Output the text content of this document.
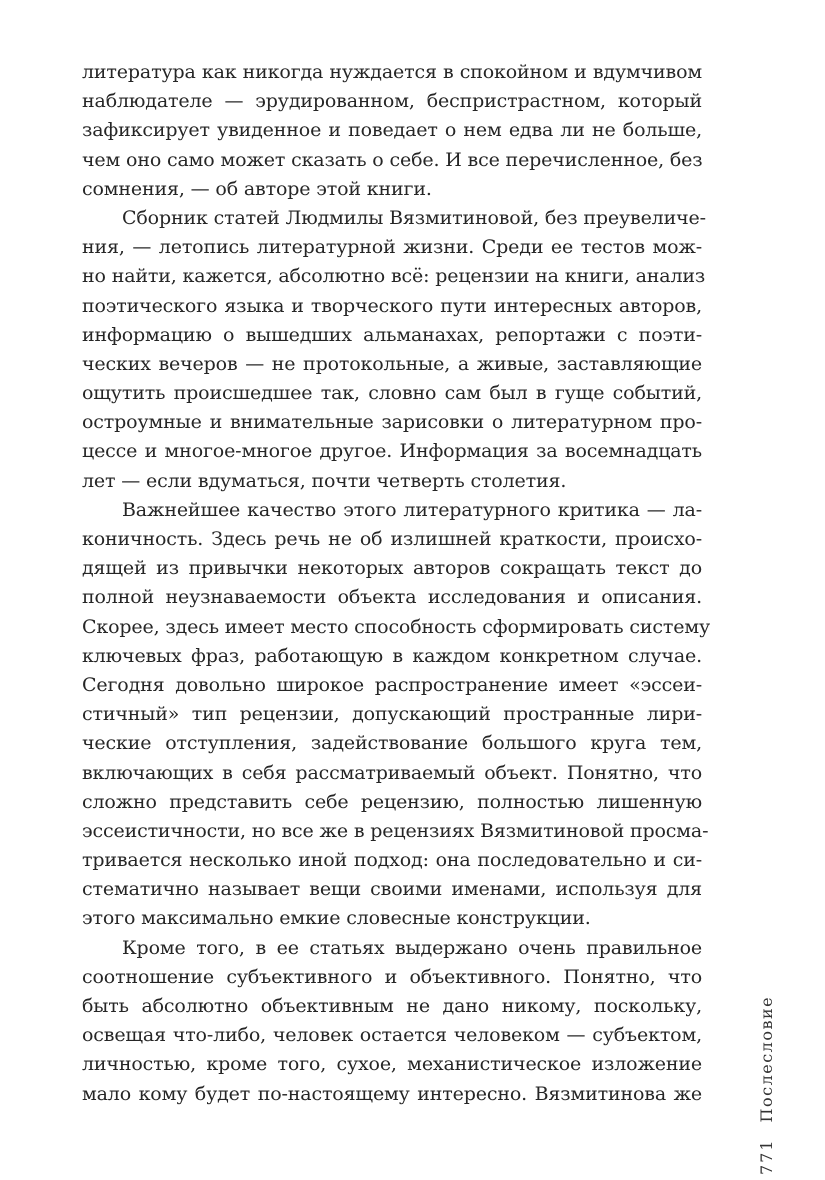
литература как никогда нуждается в спокойном и вдумчивом
наблюдателе — эрудированном, беспристрастном, который
зафиксирует увиденное и поведает о нем едва ли не больше,
чем оно само может сказать о себе. И все перечисленное, без
сомнения, — об авторе этой книги.
Сборник статей Людмилы Вязмитиновой, без преувеличе-
ния, — летопись литературной жизни. Среди ее тестов мож-
но найти, кажется, абсолютно всё: рецензии на книги, анализ
поэтического языка и творческого пути интересных авторов,
информацию о вышедших альманахах, репортажи с поэти-
ческих вечеров — не протокольные, а живые, заставляющие
ощутить происшедшее так, словно сам был в гуще событий,
остроумные и внимательные зарисовки о литературном про-
цессе и многое-многое другое. Информация за восемнадцать
лет — если вдуматься, почти четверть столетия.
Важнейшее качество этого литературного критика — ла-
коничность. Здесь речь не об излишней краткости, происхо-
дящей из привычки некоторых авторов сокращать текст до
полной неузнаваемости объекта исследования и описания.
Скорее, здесь имеет место способность сформировать систему
ключевых фраз, работающую в каждом конкретном случае.
Сегодня довольно широкое распространение имеет «эссеи-
стичный» тип рецензии, допускающий пространные лири-
ческие отступления, задействование большого круга тем,
включающих в себя рассматриваемый объект. Понятно, что
сложно представить себе рецензию, полностью лишенную
эссеистичности, но все же в рецензиях Вязмитиновой просма-
тривается несколько иной подход: она последовательно и си-
стематично называет вещи своими именами, используя для
этого максимально емкие словесные конструкции.
Кроме того, в ее статьях выдержано очень правильное
соотношение субъективного и объективного. Понятно, что
быть абсолютно объективным не дано никому, поскольку,
освещая что-либо, человек остается человеком — субъектом,
личностью, кроме того, сухое, механистическое изложение
мало кому будет по-настоящему интересно. Вязмитинова же
771Послесловие
